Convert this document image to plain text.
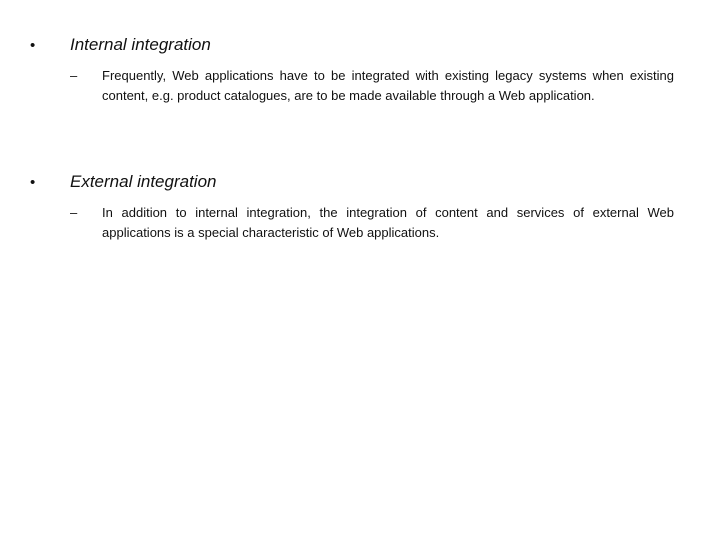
•	Internal integration
–	Frequently, Web applications have to be integrated with existing legacy systems when existing content, e.g. product catalogues, are to be made available through a Web application.
•	External integration
–	In addition to internal integration, the integration of content and services of external Web applications is a special characteristic of Web applications.
